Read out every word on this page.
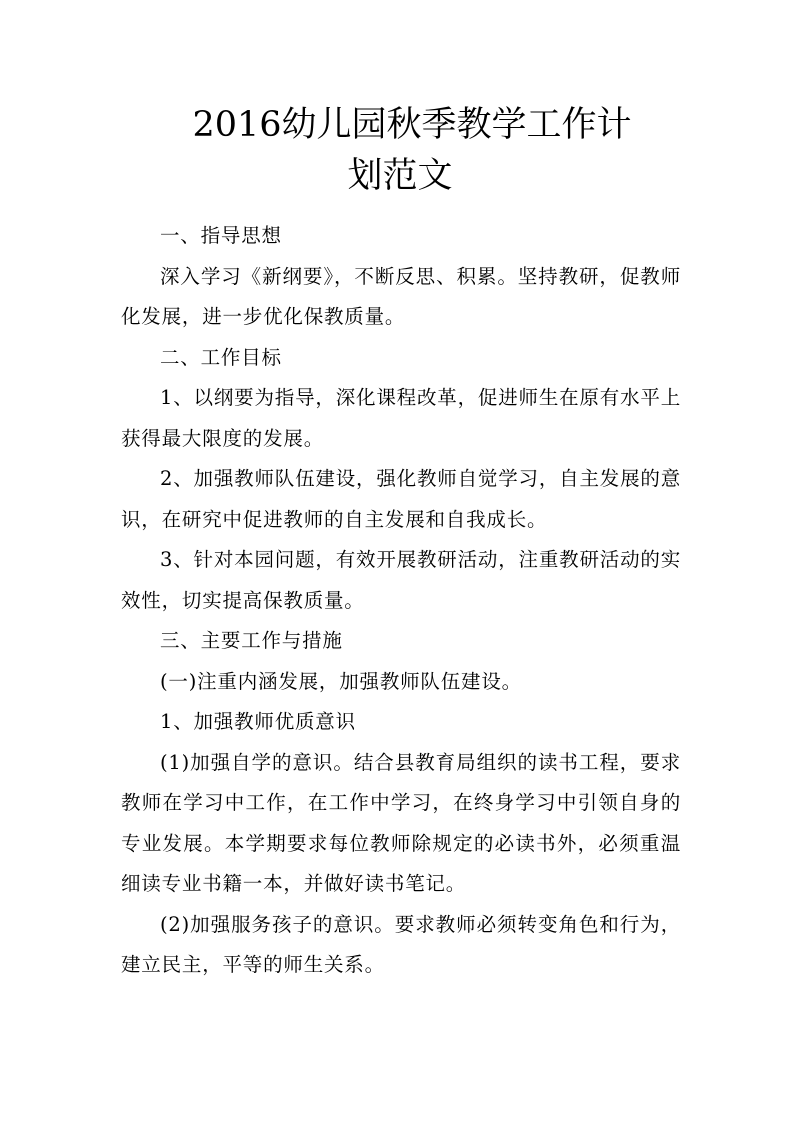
2016幼儿园秋季教学工作计
划范文

一、指导思想

深入学习《新纲要》，不断反思、积累。坚持教研，促教师化发展，进一步优化保教质量。

二、工作目标

1、以纲要为指导，深化课程改革，促进师生在原有水平上获得最大限度的发展。

2、加强教师队伍建设，强化教师自觉学习，自主发展的意识，在研究中促进教师的自主发展和自我成长。

3、针对本园问题，有效开展教研活动，注重教研活动的实效性，切实提高保教质量。

三、主要工作与措施

(一)注重内涵发展，加强教师队伍建设。

1、加强教师优质意识

(1)加强自学的意识。结合县教育局组织的读书工程，要求教师在学习中工作，在工作中学习，在终身学习中引领自身的专业发展。本学期要求每位教师除规定的必读书外，必须重温细读专业书籍一本，并做好读书笔记。

(2)加强服务孩子的意识。要求教师必须转变角色和行为，建立民主，平等的师生关系。
